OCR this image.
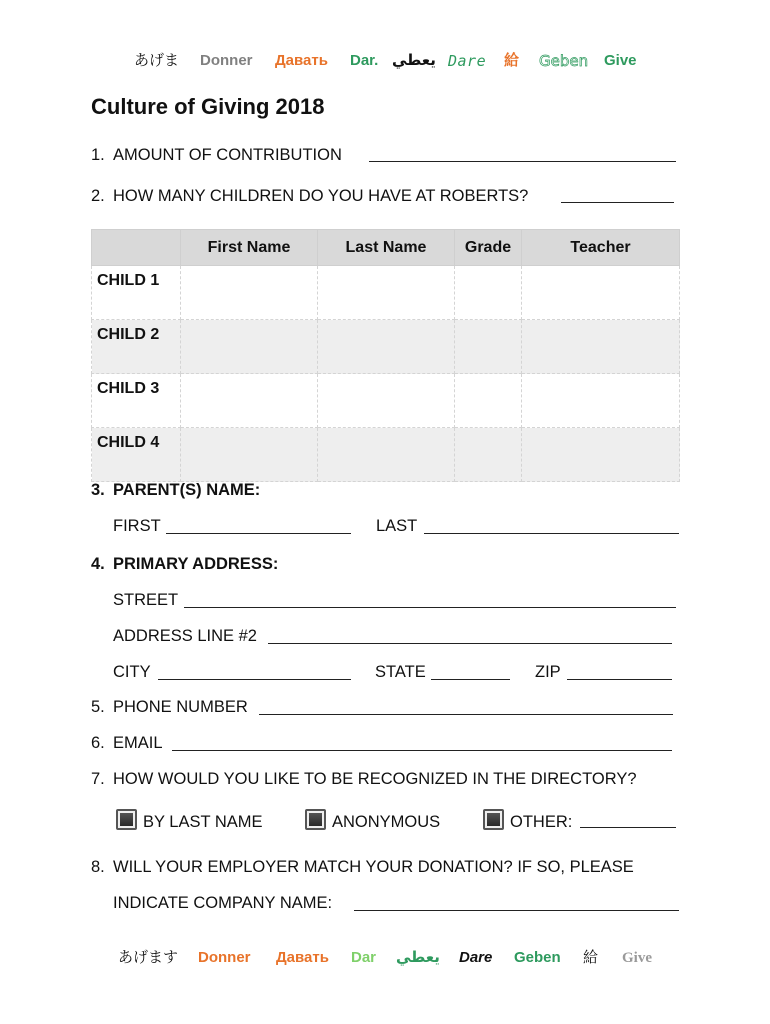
あげま Donner Давать Dar. يعطي Dare 給 Geben Give
Culture of Giving 2018
1. AMOUNT OF CONTRIBUTION
2. HOW MANY CHILDREN DO YOU HAVE AT ROBERTS?
	First Name	Last Name	Grade	Teacher
CHILD 1				
CHILD 2				
CHILD 3				
CHILD 4				
3. PARENT(S) NAME:
FIRST	LAST
4. PRIMARY ADDRESS:
STREET
ADDRESS LINE #2
CITY	STATE	ZIP
5. PHONE NUMBER
6. EMAIL
7. HOW WOULD YOU LIKE TO BE RECOGNIZED IN THE DIRECTORY?
BY LAST NAME	ANONYMOUS	OTHER:
8. WILL YOUR EMPLOYER MATCH YOUR DONATION? IF SO, PLEASE
INDICATE COMPANY NAME:
あげます Donner Давать Dar يعطي Dare Geben 給 Give
